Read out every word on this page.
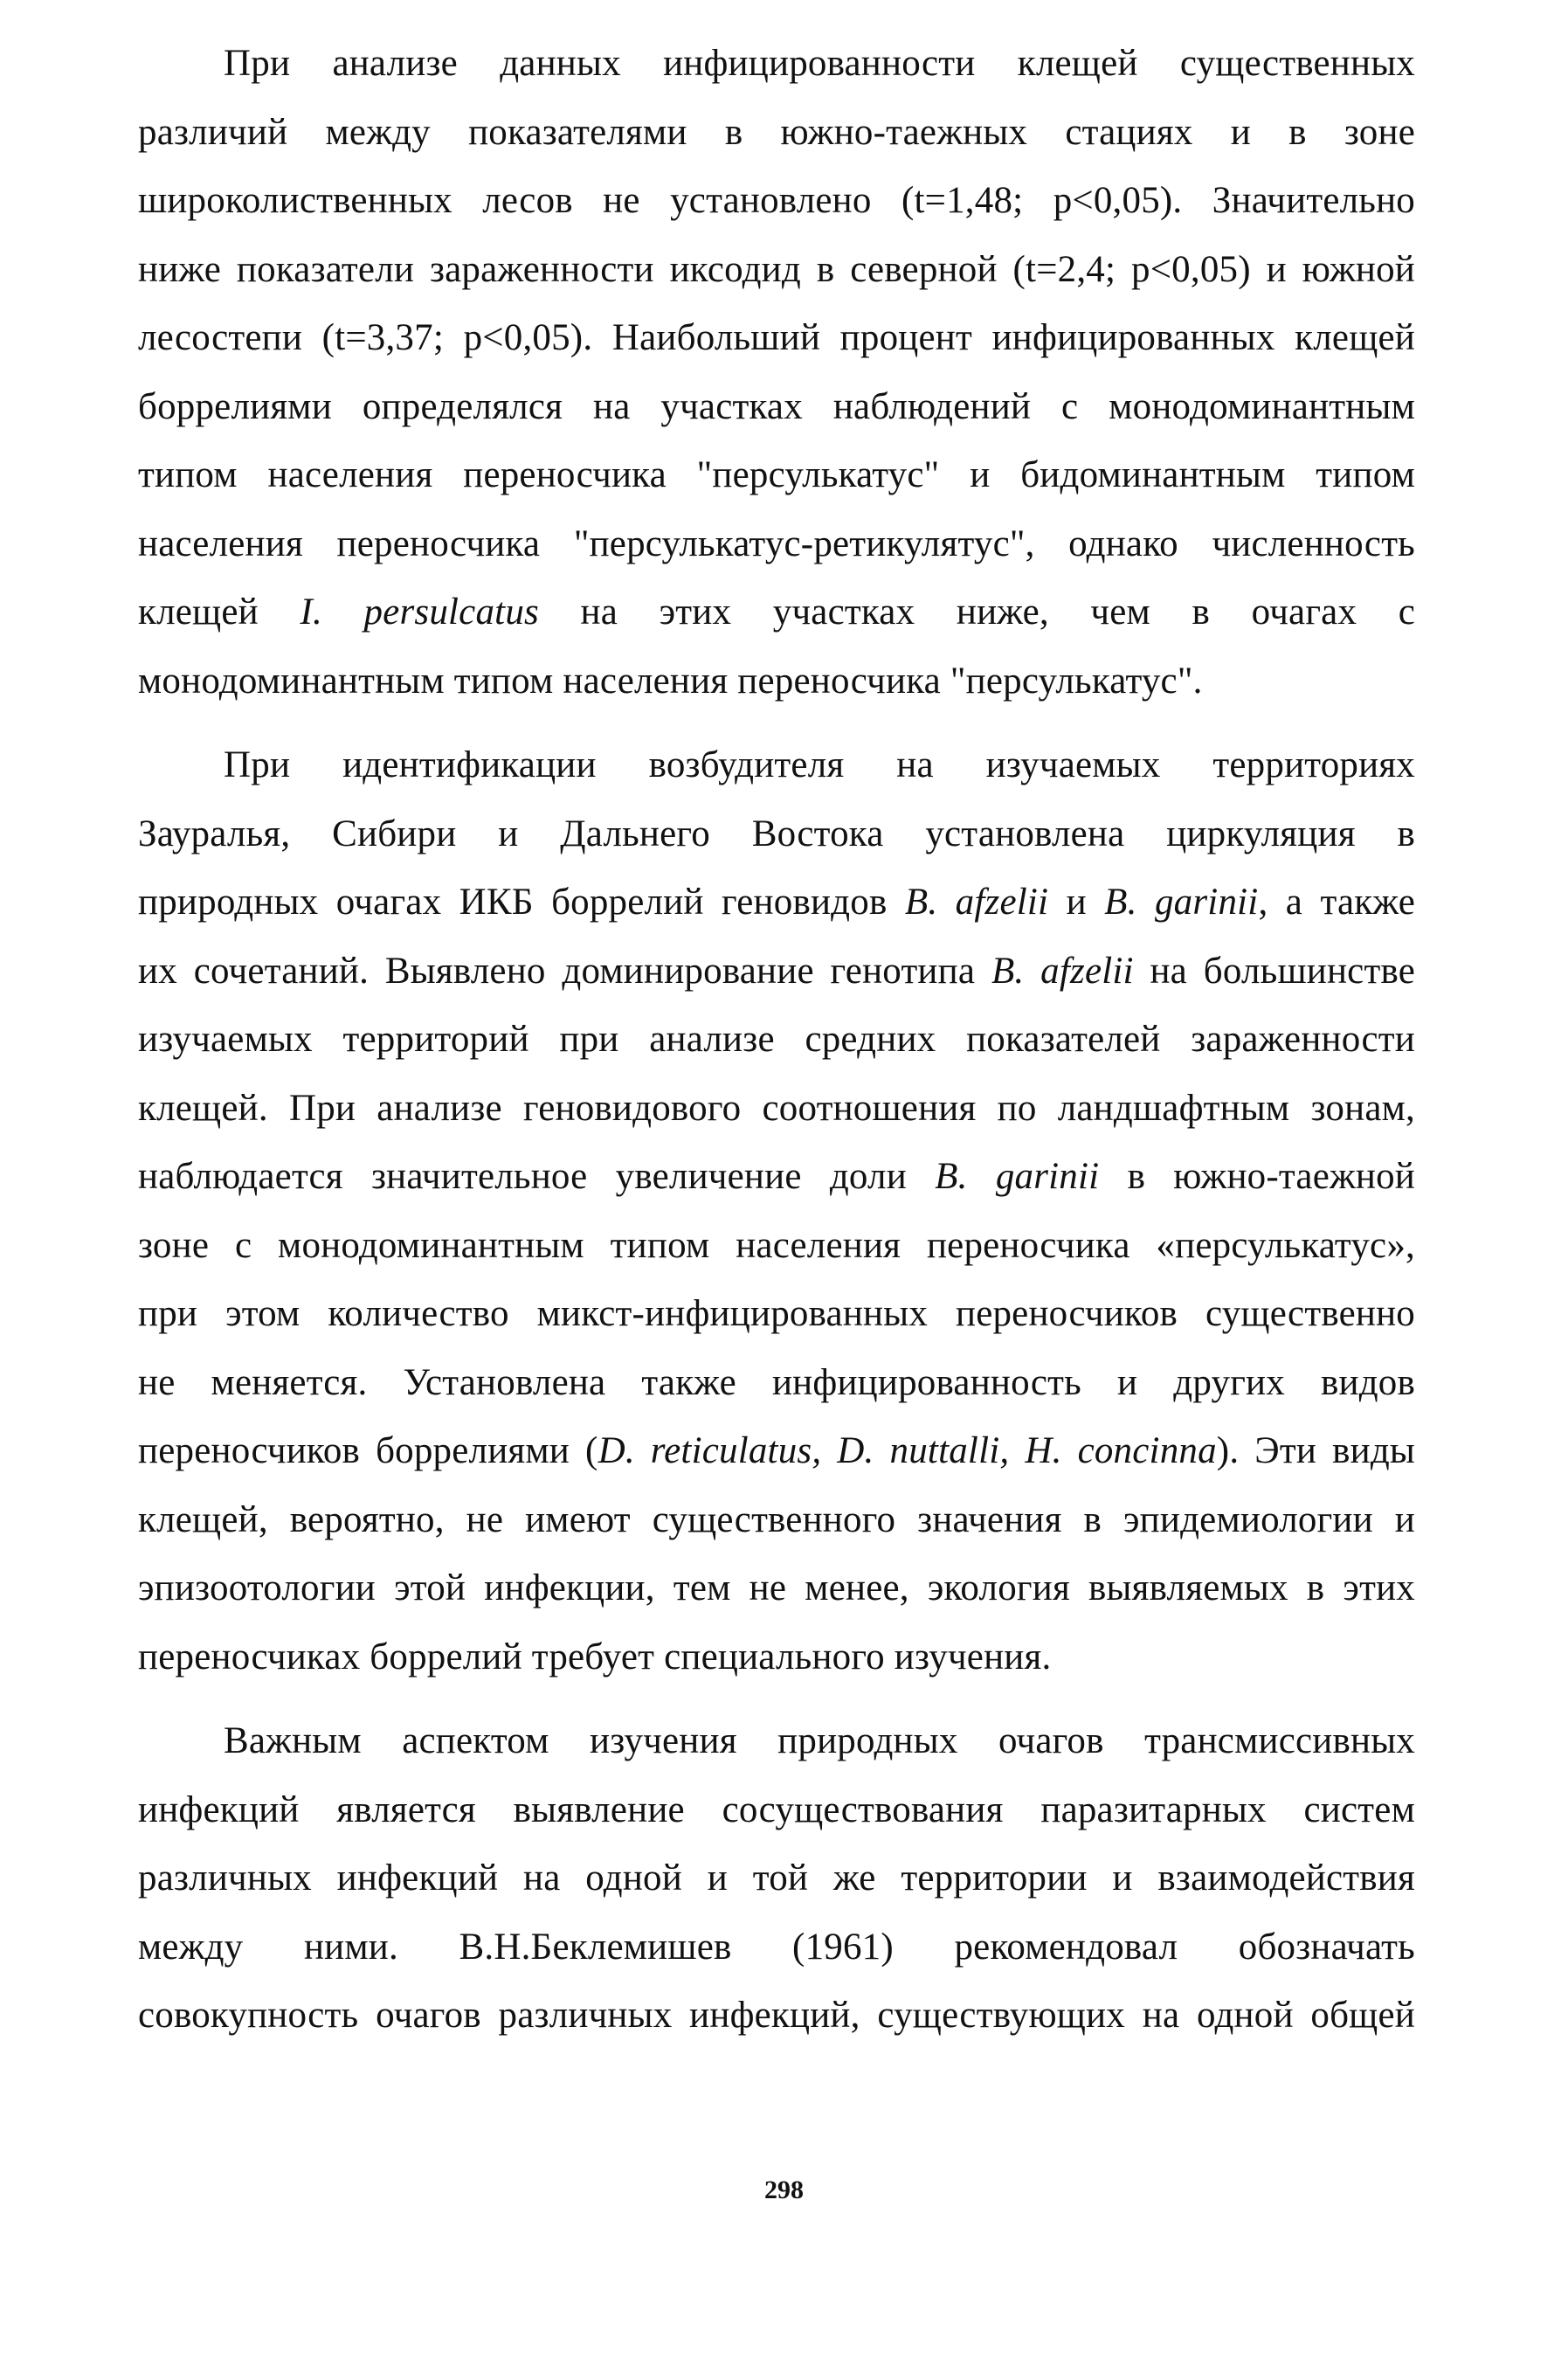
При анализе данных инфицированности клещей существенных
различий между показателями в южно-таежных стациях и в зоне
широколиственных лесов не установлено (t=1,48; p<0,05). Значительно
ниже показатели зараженности иксодид в северной (t=2,4; p<0,05) и южной
лесостепи (t=3,37; p<0,05). Наибольший процент инфицированных клещей
боррелиями определялся на участках наблюдений с монодоминантным
типом населения переносчика "персулькатус" и бидоминантным типом
населения переносчика "персулькатус-ретикулятус", однако численность
клещей I. persulcatus на этих участках ниже, чем в очагах с
монодоминантным типом населения переносчика "персулькатус".
При идентификации возбудителя на изучаемых территориях
Зауралья, Сибири и Дальнего Востока установлена циркуляция в
природных очагах ИКБ боррелий геновидов B. afzelii и B. garinii, а также
их сочетаний. Выявлено доминирование генотипа B. afzelii на большинстве
изучаемых территорий при анализе средних показателей зараженности
клещей. При анализе геновидового соотношения по ландшафтным зонам,
наблюдается значительное увеличение доли B. garinii в южно-таежной
зоне с монодоминантным типом населения переносчика «персулькатус»,
при этом количество микст-инфицированных переносчиков существенно
не меняется. Установлена также инфицированность и других видов
переносчиков боррелиями (D. reticulatus, D. nuttalli, H. concinna). Эти виды
клещей, вероятно, не имеют существенного значения в эпидемиологии и
эпизоотологии этой инфекции, тем не менее, экология выявляемых в этих
переносчиках боррелий требует специального изучения.
Важным аспектом изучения природных очагов трансмиссивных
инфекций является выявление сосуществования паразитарных систем
различных инфекций на одной и той же территории и взаимодействия
между ними. В.Н.Беклемишев (1961) рекомендовал обозначать
совокупность очагов различных инфекций, существующих на одной общей
298
